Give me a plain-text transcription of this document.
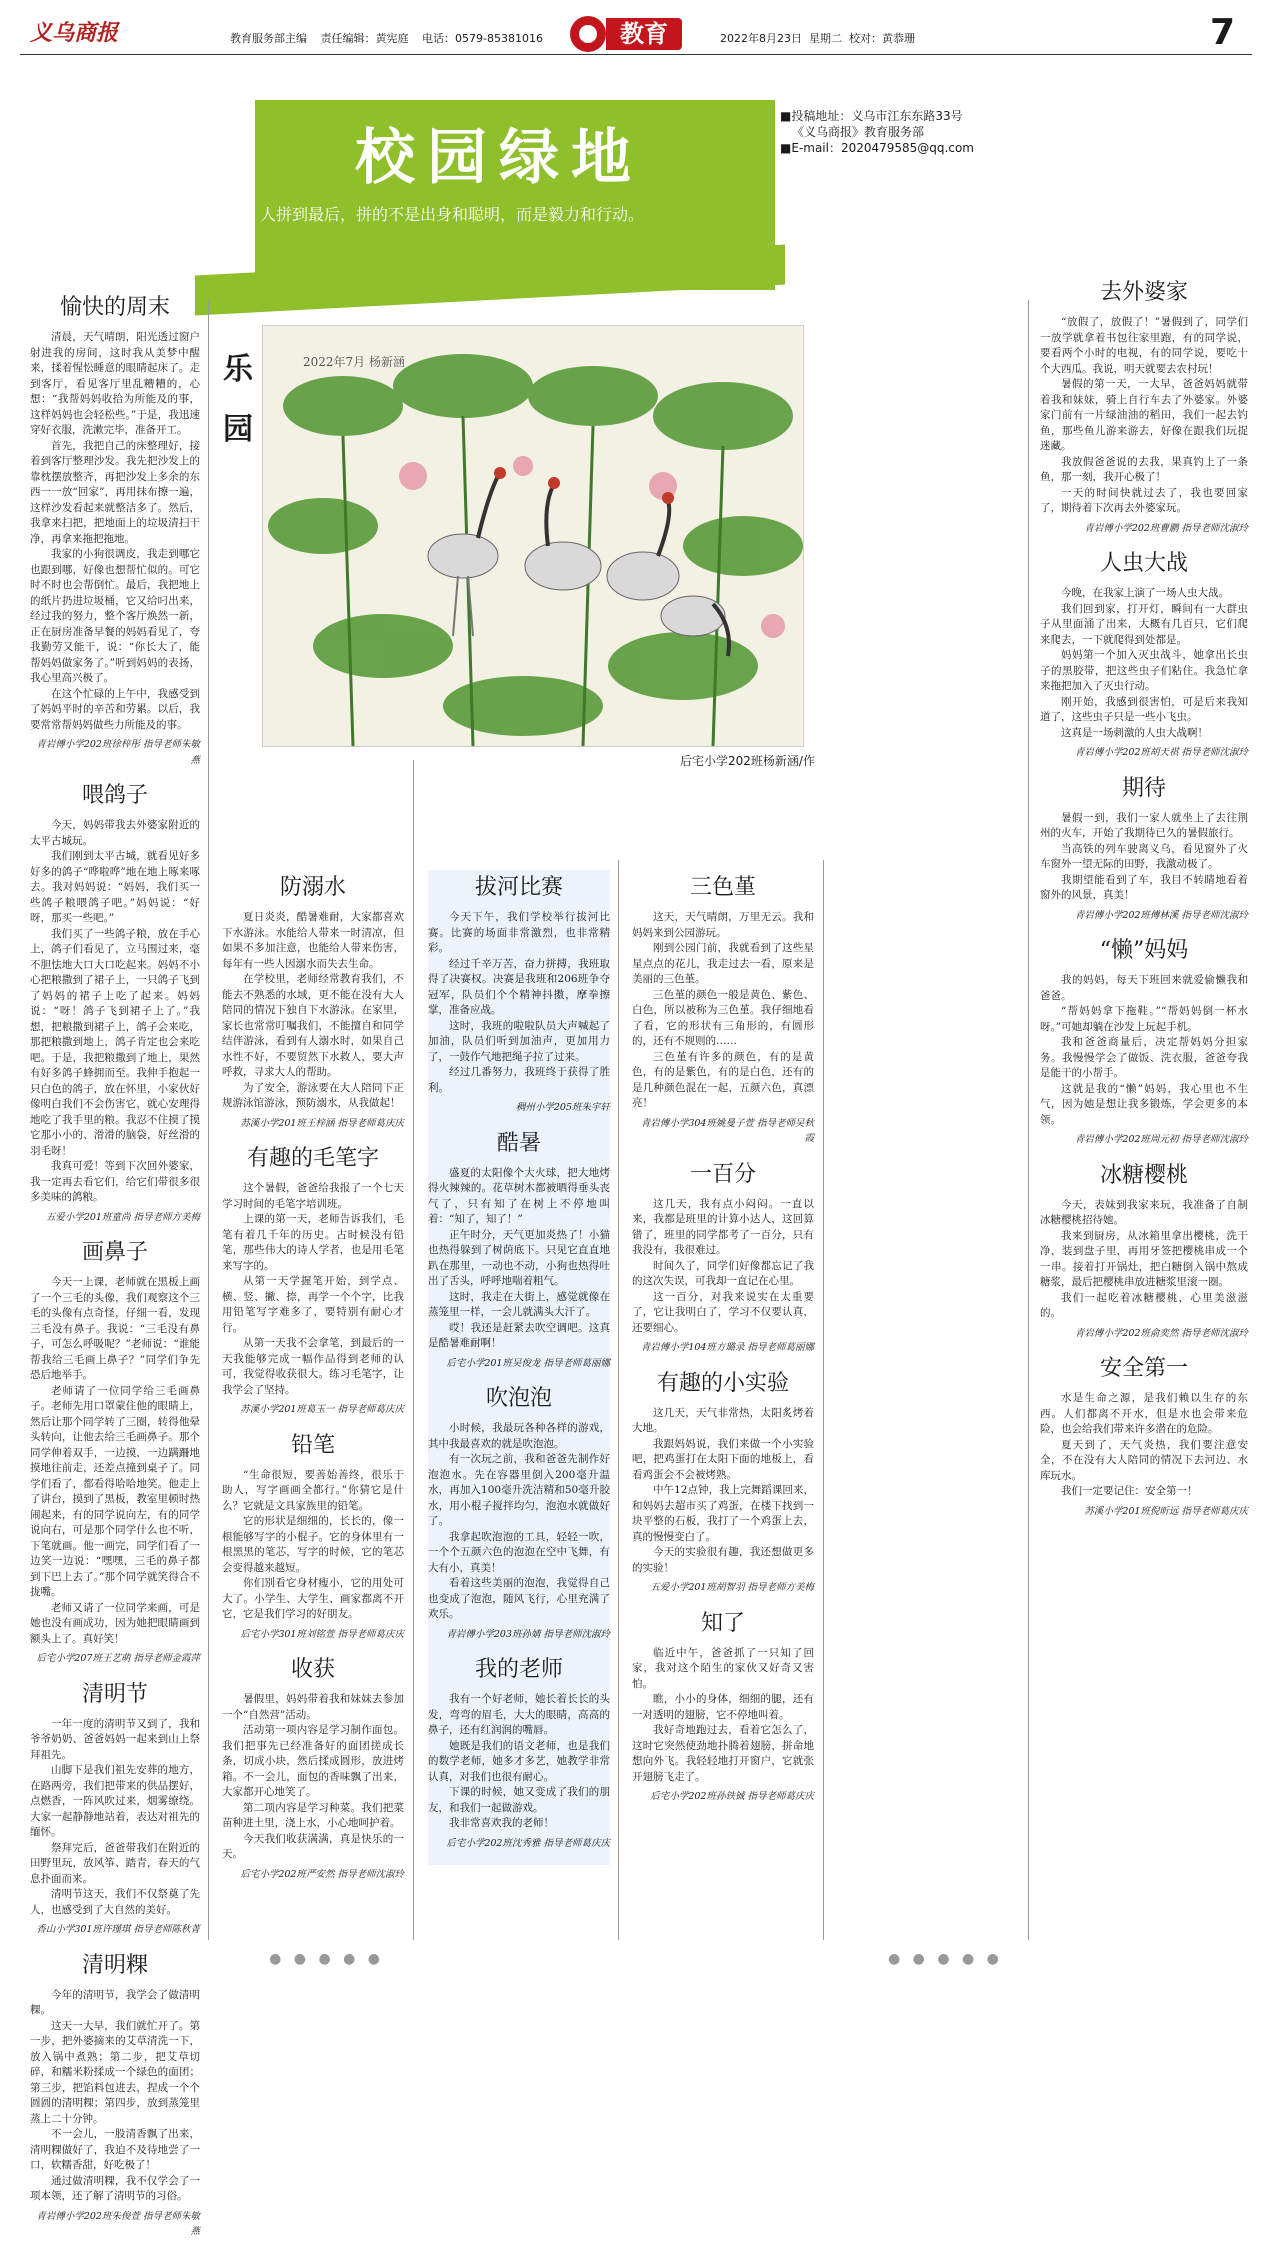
义乌商报	教育服务部主编 责任编辑：黄宪庭 电话：0579-85381016	教育	2022年8月23日 星期二 校对：黄恭珊	7
校园绿地
人拼到最后，拼的不是出身和聪明，而是毅力和行动。
■投稿地址：义乌市江东东路33号
《义乌商报》教育服务部
■E-mail：2020479585@qq.com
乐园
2022年7月 杨新涵
后宅小学202班杨新涵/作
愉快的周末

清晨，天气晴朗，阳光透过窗户射进我的房间，这时我从美梦中醒来，揉着惺忪睡意的眼睛起床了。走到客厅，看见客厅里乱糟糟的，心想：“我帮妈妈收拾为所能及的事，这样妈妈也会轻松些。”于是，我迅速穿好衣服，洗漱完毕，准备开工。

首先，我把自己的床整理好，接着到客厅整理沙发。我先把沙发上的靠枕摆放整齐，再把沙发上多余的东西一一放“回家”，再用抹布擦一遍，这样沙发看起来就整洁多了。然后，我拿来扫把，把地面上的垃圾清扫干净，再拿来拖把拖地。

我家的小狗很调皮，我走到哪它也跟到哪，好像也想帮忙似的。可它时不时也会帮倒忙。最后，我把地上的纸片扔进垃圾桶，它又给叼出来，经过我的努力，整个客厅焕然一新，正在厨房准备早餐的妈妈看见了，夸我勤劳又能干，说：“你长大了，能帮妈妈做家务了。”听到妈妈的表扬，我心里高兴极了。

在这个忙碌的上午中，我感受到了妈妈平时的辛苦和劳累。以后，我要常常帮妈妈做些力所能及的事。

青岩傅小学202班徐梓彤 指导老师朱敏燕

喂鸽子

今天，妈妈带我去外婆家附近的太平古城玩。

我们刚到太平古城，就看见好多好多的鸽子“哗啦哗”地在地上啄来啄去。我对妈妈说：“妈妈，我们买一些鸽子粮喂鸽子吧。”妈妈说：“好呀，那买一些吧。”

我们买了一些鸽子粮，放在手心上，鸽子们看见了，立马围过来，毫不胆怯地大口大口吃起来。妈妈不小心把粮撒到了裙子上，一只鸽子飞到了妈妈的裙子上吃了起来。妈妈说：“呀！鸽子飞到裙子上了。”我想，把粮撒到裙子上，鸽子会来吃，那把粮撒到地上，鸽子肯定也会来吃吧。于是，我把粮撒到了地上，果然有好多鸽子蜂拥而至。我伸手抱起一只白色的鸽子，放在怀里，小家伙好像明白我们不会伤害它，就心安理得地吃了我手里的粮。我忍不住摸了摸它那小小的、滑滑的脑袋，好丝滑的羽毛呀！

我真可爱！等到下次回外婆家，我一定再去看它们，给它们带很多很多美味的鸽粮。

五爱小学201班童尚 指导老师方美梅

画鼻子

今天一上课，老师就在黑板上画了一个三毛的头像，我们观察这个三毛的头像有点奇怪，仔细一看，发现三毛没有鼻子。我说：“三毛没有鼻子，可怎么呼吸呢？”老师说：“谁能帮我给三毛画上鼻子？”同学们争先恐后地举手。

老师请了一位同学给三毛画鼻子。老师先用口罩蒙住他的眼睛上，然后让那个同学转了三圈，转得他晕头转向，让他去给三毛画鼻子。那个同学伸着双手，一边摸，一边蹒跚地摸地往前走，还差点撞到桌子了。同学们看了，都看得哈哈地笑。他走上了讲台，摸到了黑板，教室里顿时热闹起来，有的同学说向左，有的同学说向右，可是那个同学什么也不听，下笔就画。他一画完，同学们看了一边笑一边说：“嘿嘿，三毛的鼻子都到下巴上去了。”那个同学就笑得合不拢嘴。

老师又请了一位同学来画，可是她也没有画成功，因为她把眼睛画到额头上了。真好笑！

后宅小学207班王艺萌 指导老师金霞萍

清明节

一年一度的清明节又到了，我和爷爷奶奶、爸爸妈妈一起来到山上祭拜祖先。

山脚下是我们祖先安葬的地方，在路两旁，我们把带来的供品摆好，点燃香，一阵风吹过来，烟雾缭绕。大家一起静静地站着，表达对祖先的缅怀。

祭拜完后，爸爸带我们在附近的田野里玩，放风筝、踏青，春天的气息扑面而来。

清明节这天，我们不仅祭奠了先人，也感受到了大自然的美好。

香山小学301班许瑾琪 指导老师陈秋菁

清明粿

今年的清明节，我学会了做清明粿。

这天一大早，我们就忙开了。第一步，把外婆摘来的艾草清洗一下，放入锅中煮熟；第二步，把艾草切碎，和糯米粉揉成一个绿色的面团；第三步，把馅料包进去，捏成一个个圆圆的清明粿；第四步，放到蒸笼里蒸上二十分钟。

不一会儿，一股清香飘了出来，清明粿做好了，我迫不及待地尝了一口，软糯香甜，好吃极了！

通过做清明粿，我不仅学会了一项本领，还了解了清明节的习俗。

青岩傅小学202班朱俊萱 指导老师朱敏燕

防溺水

夏日炎炎，酷暑难耐，大家都喜欢下水游泳。水能给人带来一时清凉，但如果不多加注意，也能给人带来伤害，每年有一些人因溺水而失去生命。

在学校里，老师经常教育我们，不能去不熟悉的水域，更不能在没有大人陪同的情况下独自下水游泳。在家里，家长也常常叮嘱我们，不能擅自和同学结伴游泳，看到有人溺水时，如果自己水性不好，不要贸然下水救人，要大声呼救，寻求大人的帮助。

为了安全，游泳要在大人陪同下正规游泳馆游泳，预防溺水，从我做起！

苏溪小学201班王梓涵 指导老师葛庆庆

有趣的毛笔字

这个暑假，爸爸给我报了一个七天学习时间的毛笔字培训班。

上课的第一天，老师告诉我们，毛笔有着几千年的历史。古时候没有铅笔，那些伟大的诗人学者，也是用毛笔来写字的。

从第一天学握笔开始，到学点、横、竖、撇、捺，再学一个个字，比我用铅笔写字难多了，要特别有耐心才行。

从第一天我不会拿笔，到最后的一天我能够完成一幅作品得到老师的认可，我觉得收获很大。练习毛笔字，让我学会了坚持。

苏溪小学201班葛玉一 指导老师葛庆庆

铅笔

“生命很短，要善始善终，很乐于助人，写字画画全都行。”你猜它是什么？它就是文具家族里的铅笔。

它的形状是细细的，长长的，像一根能够写字的小棍子。它的身体里有一根黑黑的笔芯，写字的时候，它的笔芯会变得越来越短。

你们别看它身材瘦小，它的用处可大了。小学生、大学生、画家都离不开它，它是我们学习的好朋友。

后宅小学301班刘铭萱 指导老师葛庆庆

收获

暑假里，妈妈带着我和妹妹去参加一个“自然营”活动。

活动第一项内容是学习制作面包。我们把事先已经准备好的面团搓成长条，切成小块，然后揉成圆形，放进烤箱。不一会儿，面包的香味飘了出来，大家都开心地笑了。

第二项内容是学习种菜。我们把菜苗种进土里，浇上水，小心地呵护着。

今天我们收获满满，真是快乐的一天。

后宅小学202班严安然 指导老师沈淑玲

拔河比赛

今天下午，我们学校举行拔河比赛。比赛的场面非常激烈，也非常精彩。

经过千辛万苦，奋力拼搏，我班取得了决赛权。决赛是我班和206班争夺冠军，队员们个个精神抖擞，摩拳擦掌，准备应战。

这时，我班的啦啦队员大声喊起了加油，队员们听到加油声，更加用力了，一鼓作气地把绳子拉了过来。

经过几番努力，我班终于获得了胜利。

稠州小学205班朱宇轩

酷暑

盛夏的太阳像个大火球，把大地烤得火辣辣的。花草树木都被晒得垂头丧气了，只有知了在树上不停地叫着：“知了，知了！”

正午时分，天气更加炎热了！小猫也热得躲到了树荫底下。只见它直直地趴在那里，一动也不动，小狗也热得吐出了舌头，呼呼地喘着粗气。

这时，我走在大街上，感觉就像在蒸笼里一样，一会儿就满头大汗了。

哎！我还是赶紧去吹空调吧。这真是酷暑难耐啊！

后宅小学201班吴俊龙 指导老师葛丽娜

吹泡泡

小时候，我最玩各种各样的游戏，其中我最喜欢的就是吹泡泡。

有一次玩之前，我和爸爸先制作好泡泡水。先在容器里倒入200毫升温水，再加入100毫升洗洁精和50毫升胶水，用小棍子搅拌均匀，泡泡水就做好了。

我拿起吹泡泡的工具，轻轻一吹，一个个五颜六色的泡泡在空中飞舞，有大有小，真美！

看着这些美丽的泡泡，我觉得自己也变成了泡泡，随风飞行，心里充满了欢乐。

青岩傅小学203班孙婧 指导老师沈淑玲

我的老师

我有一个好老师，她长着长长的头发，弯弯的眉毛，大大的眼睛，高高的鼻子，还有红润润的嘴唇。

她既是我们的语文老师，也是我们的数学老师，她多才多艺，她教学非常认真，对我们也很有耐心。

下课的时候，她又变成了我们的朋友，和我们一起做游戏。

我非常喜欢我的老师！

后宅小学202班沈秀雅 指导老师葛庆庆

三色堇

这天，天气晴朗，万里无云。我和妈妈来到公园游玩。

刚到公园门前，我就看到了这些星星点点的花儿，我走过去一看，原来是美丽的三色堇。

三色堇的颜色一般是黄色、紫色、白色，所以被称为三色堇。我仔细地看了看，它的形状有三角形的，有圆形的，还有不规则的……

三色堇有许多的颜色，有的是黄色，有的是紫色，有的是白色，还有的是几种颜色混在一起，五颜六色，真漂亮！

青岩傅小学304班姚曼子萱 指导老师吴秋霞

一百分

这几天，我有点小闷闷。一直以来，我都是班里的计算小达人，这回算错了，班里的同学都考了一百分，只有我没有，我很难过。

时间久了，同学们好像都忘记了我的这次失误，可我却一直记在心里。

这一百分，对我来说实在太重要了，它让我明白了，学习不仅要认真，还要细心。

青岩傅小学104班方璐录 指导老师葛丽娜

有趣的小实验

这几天，天气非常热，太阳炙烤着大地。

我跟妈妈说，我们来做一个小实验吧，把鸡蛋打在太阳下面的地板上，看看鸡蛋会不会被烤熟。

中午12点钟，我上完舞蹈课回来，和妈妈去超市买了鸡蛋，在楼下找到一块平整的石板，我打了一个鸡蛋上去，真的慢慢变白了。

今天的实验很有趣，我还想做更多的实验！

五爱小学201班胡智羽 指导老师方美梅

知了

临近中午，爸爸抓了一只知了回家，我对这个陌生的家伙又好奇又害怕。

瞧，小小的身体，细细的腿，还有一对透明的翅膀，它不停地叫着。

我好奇地跑过去，看着它怎么了，这时它突然使劲地扑腾着翅膀，拼命地想向外飞。我轻轻地打开窗户，它就张开翅膀飞走了。

后宅小学202班孙铁铖 指导老师葛庆庆

去外婆家

“放假了，放假了！”暑假到了，同学们一放学就拿着书包往家里跑，有的同学说，要看两个小时的电视，有的同学说，要吃十个大西瓜。我说，明天就要去农村玩！

暑假的第一天，一大早，爸爸妈妈就带着我和妹妹，骑上自行车去了外婆家。外婆家门前有一片绿油油的稻田，我们一起去钓鱼，那些鱼儿游来游去，好像在跟我们玩捉迷藏。

我放假爸爸说的去我，果真钓上了一条鱼，那一刻，我开心极了！

一天的时间快就过去了，我也要回家了，期待着下次再去外婆家玩。

青岩傅小学202班曹鹏 指导老师沈淑玲

人虫大战

今晚，在我家上演了一场人虫大战。

我们回到家，打开灯，瞬间有一大群虫子从里面涌了出来，大概有几百只，它们爬来爬去，一下就爬得到处都是。

妈妈第一个加入灭虫战斗，她拿出长虫子的黑胶带，把这些虫子们粘住。我急忙拿来拖把加入了灭虫行动。

刚开始，我感到很害怕，可是后来我知道了，这些虫子只是一些小飞虫。

这真是一场刺激的人虫大战啊！

青岩傅小学202班胡天祺 指导老师沈淑玲

期待

暑假一到，我们一家人就坐上了去往荆州的火车，开始了我期待已久的暑假旅行。

当高铁的列车驶离义乌，看见窗外了火车窗外一望无际的田野，我激动极了。

我期望能看到了车，我目不转睛地看着窗外的风景，真美！

青岩傅小学202班傅林溪 指导老师沈淑玲

“懒”妈妈

我的妈妈，每天下班回来就爱偷懒我和爸爸。

“帮妈妈拿下拖鞋。”“帮妈妈倒一杯水呀。”可她却躺在沙发上玩起手机。

我和爸爸商量后，决定帮妈妈分担家务。我慢慢学会了做饭、洗衣服，爸爸夸我是能干的小帮手。

这就是我的“懒”妈妈，我心里也不生气，因为她是想让我多锻炼，学会更多的本领。

青岩傅小学202班周元初 指导老师沈淑玲

冰糖樱桃

今天，表妹到我家来玩，我准备了自制冰糖樱桃招待她。

我来到厨房，从冰箱里拿出樱桃，洗干净，装到盘子里，再用牙签把樱桃串成一个一串。接着打开锅灶，把白糖倒入锅中熬成糖浆，最后把樱桃串放进糖浆里滚一圈。

我们一起吃着冰糖樱桃，心里美滋滋的。

青岩傅小学202班俞奕然 指导老师沈淑玲

安全第一

水是生命之源，是我们赖以生存的东西。人们都离不开水，但是水也会带来危险，也会给我们带来许多潜在的危险。

夏天到了，天气炎热，我们要注意安全，不在没有大人陪同的情况下去河边、水库玩水。

我们一定要记住：安全第一！

苏溪小学201班倪昕远 指导老师葛庆庆

● ● ● ● ●　　　　　　　　　　　　　　　　　　　　　　　　　　　　● ● ● ● ●
